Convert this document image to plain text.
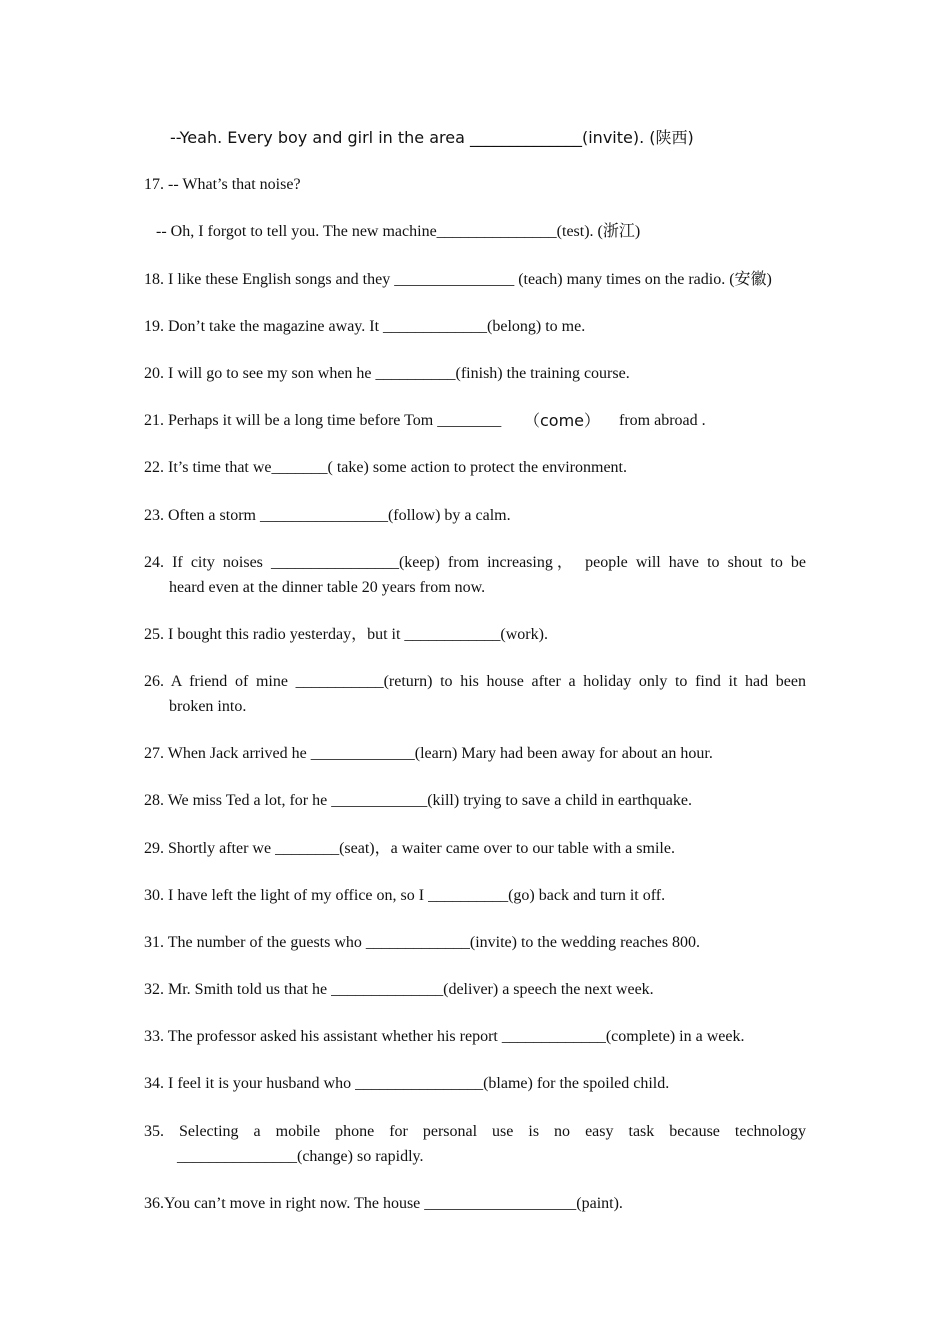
--Yeah. Every boy and girl in the area ______________(invite). (陕西)
17. -- What’s that noise?
-- Oh, I forgot to tell you. The new machine_______________(test). (浙江)
18. I like these English songs and they _______________ (teach) many times on the radio. (安徽)
19. Don’t take the magazine away. It _____________(belong) to me.
20. I will go to see my son when he __________(finish) the training course.
21. Perhaps it will be a long time before Tom ________	（come）	from abroad .
22. It’s time that we_______( take) some action to protect the environment.
23. Often a storm ________________(follow) by a calm.
24. If city noises ________________(keep) from increasing， people will have to shout to be
heard even at the dinner table 20 years from now.
25. I bought this radio yesterday，but it ____________(work).
26. A friend of mine ___________(return) to his house after a holiday only to find it had been
broken into.
27. When Jack arrived he _____________(learn) Mary had been away for about an hour.
28. We miss Ted a lot, for he ____________(kill) trying to save a child in earthquake.
29. Shortly after we ________(seat)，a waiter came over to our table with a smile.
30. I have left the light of my office on, so I __________(go) back and turn it off.
31. The number of the guests who _____________(invite) to the wedding reaches 800.
32. Mr. Smith told us that he ______________(deliver) a speech the next week.
33. The professor asked his assistant whether his report _____________(complete) in a week.
34. I feel it is your husband who ________________(blame) for the spoiled child.
35. Selecting a mobile phone for personal use is no easy task because technology
_______________(change) so rapidly.
36.You can’t move in right now. The house ___________________(paint).
